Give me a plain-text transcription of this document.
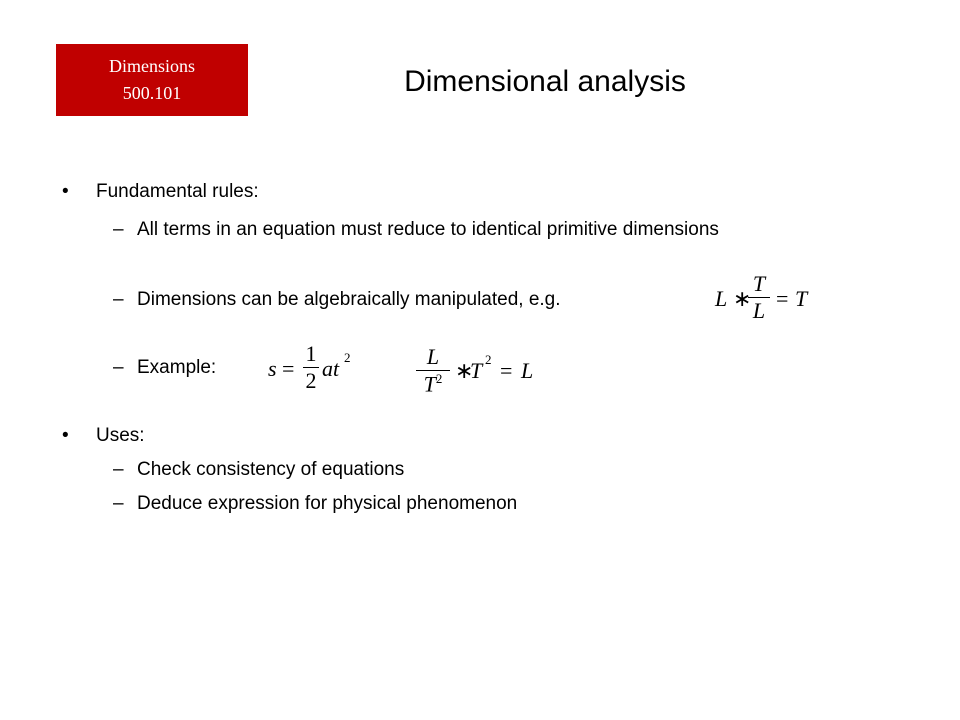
Dimensions
500.101	Dimensional analysis
• Fundamental rules:
– All terms in an equation must reduce to identical primitive dimensions
– Dimensions can be algebraically manipulated, e.g.
– Example:
L ∗
T
L = T
s =
1
2 at 2	L
$T^2$ ∗
T 2 = L
• Uses:
– Check consistency of equations
– Deduce expression for physical phenomenon
